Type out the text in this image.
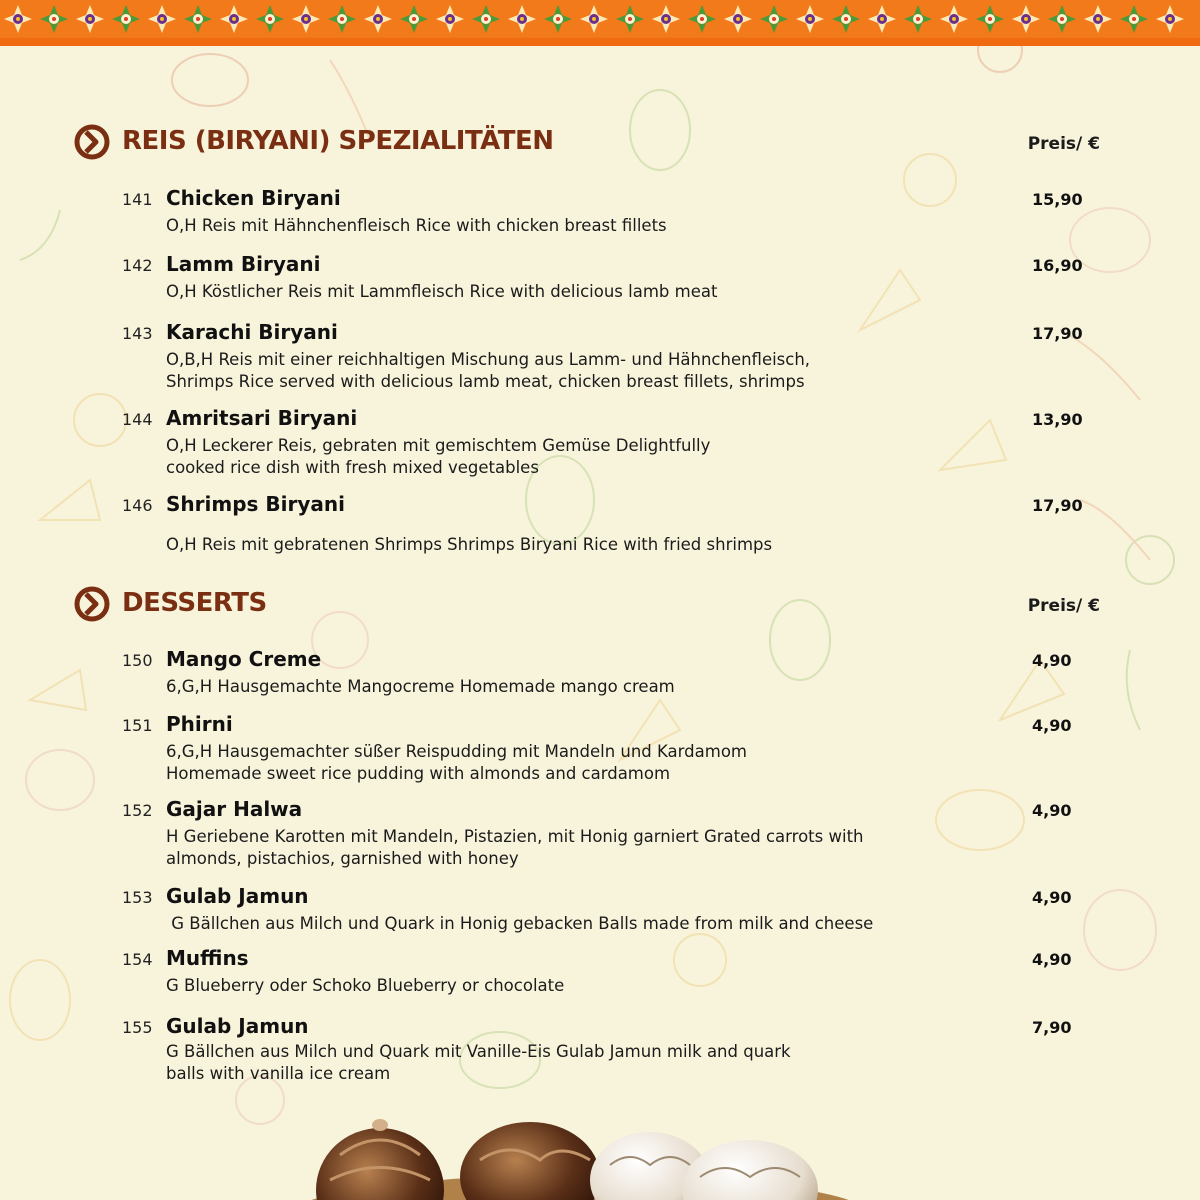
REIS (BIRYANI) SPEZIALITÄTEN	Preis/ €
141 Chicken Biryani	15,90
O,H Reis mit Hähnchenfleisch Rice with chicken breast fillets
142 Lamm Biryani	16,90
O,H Köstlicher Reis mit Lammfleisch Rice with delicious lamb meat
143 Karachi Biryani	17,90
O,B,H Reis mit einer reichhaltigen Mischung aus Lamm- und Hähnchenfleisch,
Shrimps Rice served with delicious lamb meat, chicken breast fillets, shrimps
144 Amritsari Biryani	13,90
O,H Leckerer Reis, gebraten mit gemischtem Gemüse Delightfully
cooked rice dish with fresh mixed vegetables
146 Shrimps Biryani	17,90
O,H Reis mit gebratenen Shrimps Shrimps Biryani Rice with fried shrimps
DESSERTS	Preis/ €
150 Mango Creme	4,90
6,G,H Hausgemachte Mangocreme Homemade mango cream
151 Phirni	4,90
6,G,H Hausgemachter süßer Reispudding mit Mandeln und Kardamom
Homemade sweet rice pudding with almonds and cardamom
152 Gajar Halwa	4,90
H Geriebene Karotten mit Mandeln, Pistazien, mit Honig garniert Grated carrots with
almonds, pistachios, garnished with honey
153 Gulab Jamun	4,90
G Bällchen aus Milch und Quark in Honig gebacken Balls made from milk and cheese
154 Muffins	4,90
G Blueberry oder Schoko Blueberry or chocolate
155 Gulab Jamun	7,90
G Bällchen aus Milch und Quark mit Vanille-Eis Gulab Jamun milk and quark
balls with vanilla ice cream
